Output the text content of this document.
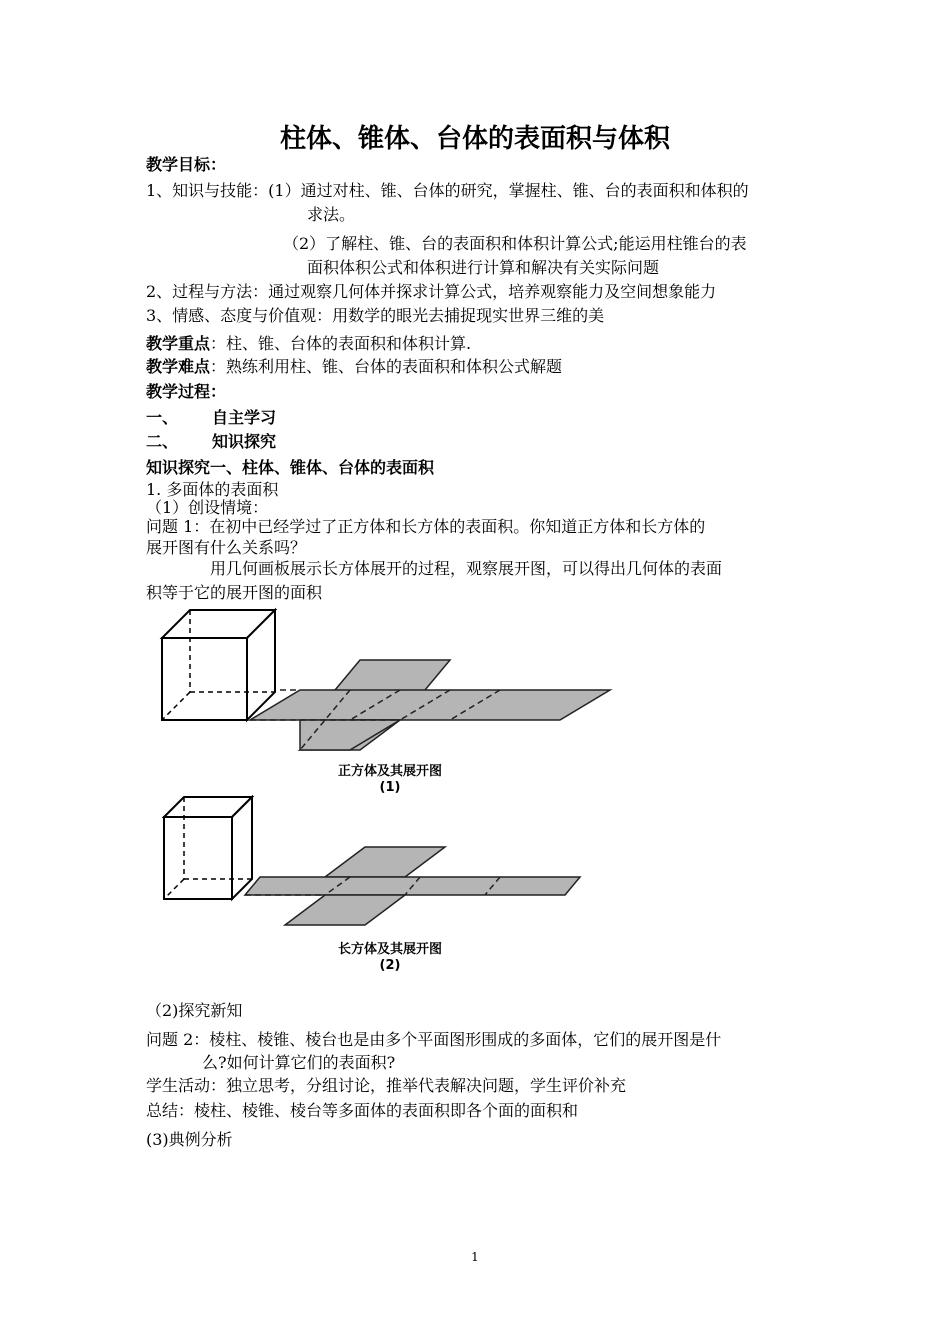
柱体、锥体、台体的表面积与体积
教学目标：
1、知识与技能：(1）通过对柱、锥、台体的研究，掌握柱、锥、台的表面积和体积的
求法。
（2）了解柱、锥、台的表面积和体积计算公式;能运用柱锥台的表
面积体积公式和体积进行计算和解决有关实际问题
2、过程与方法：通过观察几何体并探求计算公式，培养观察能力及空间想象能力
3、情感、态度与价值观：用数学的眼光去捕捉现实世界三维的美
教学重点：柱、锥、台体的表面积和体积计算.
教学难点：熟练利用柱、锥、台体的表面积和体积公式解题
教学过程：
一、 自主学习
二、 知识探究
知识探究一、柱体、锥体、台体的表面积
1. 多面体的表面积
（1）创设情境：
问题 1：在初中已经学过了正方体和长方体的表面积。你知道正方体和长方体的
展开图有什么关系吗？
用几何画板展示长方体展开的过程，观察展开图，可以得出几何体的表面
积等于它的展开图的面积
正方体及其展开图
(1)
长方体及其展开图
(2)
（2)探究新知
问题 2：棱柱、棱锥、棱台也是由多个平面图形围成的多面体，它们的展开图是什
么?如何计算它们的表面积?
学生活动：独立思考，分组讨论，推举代表解决问题，学生评价补充
总结：棱柱、棱锥、棱台等多面体的表面积即各个面的面积和
(3)典例分析
1
